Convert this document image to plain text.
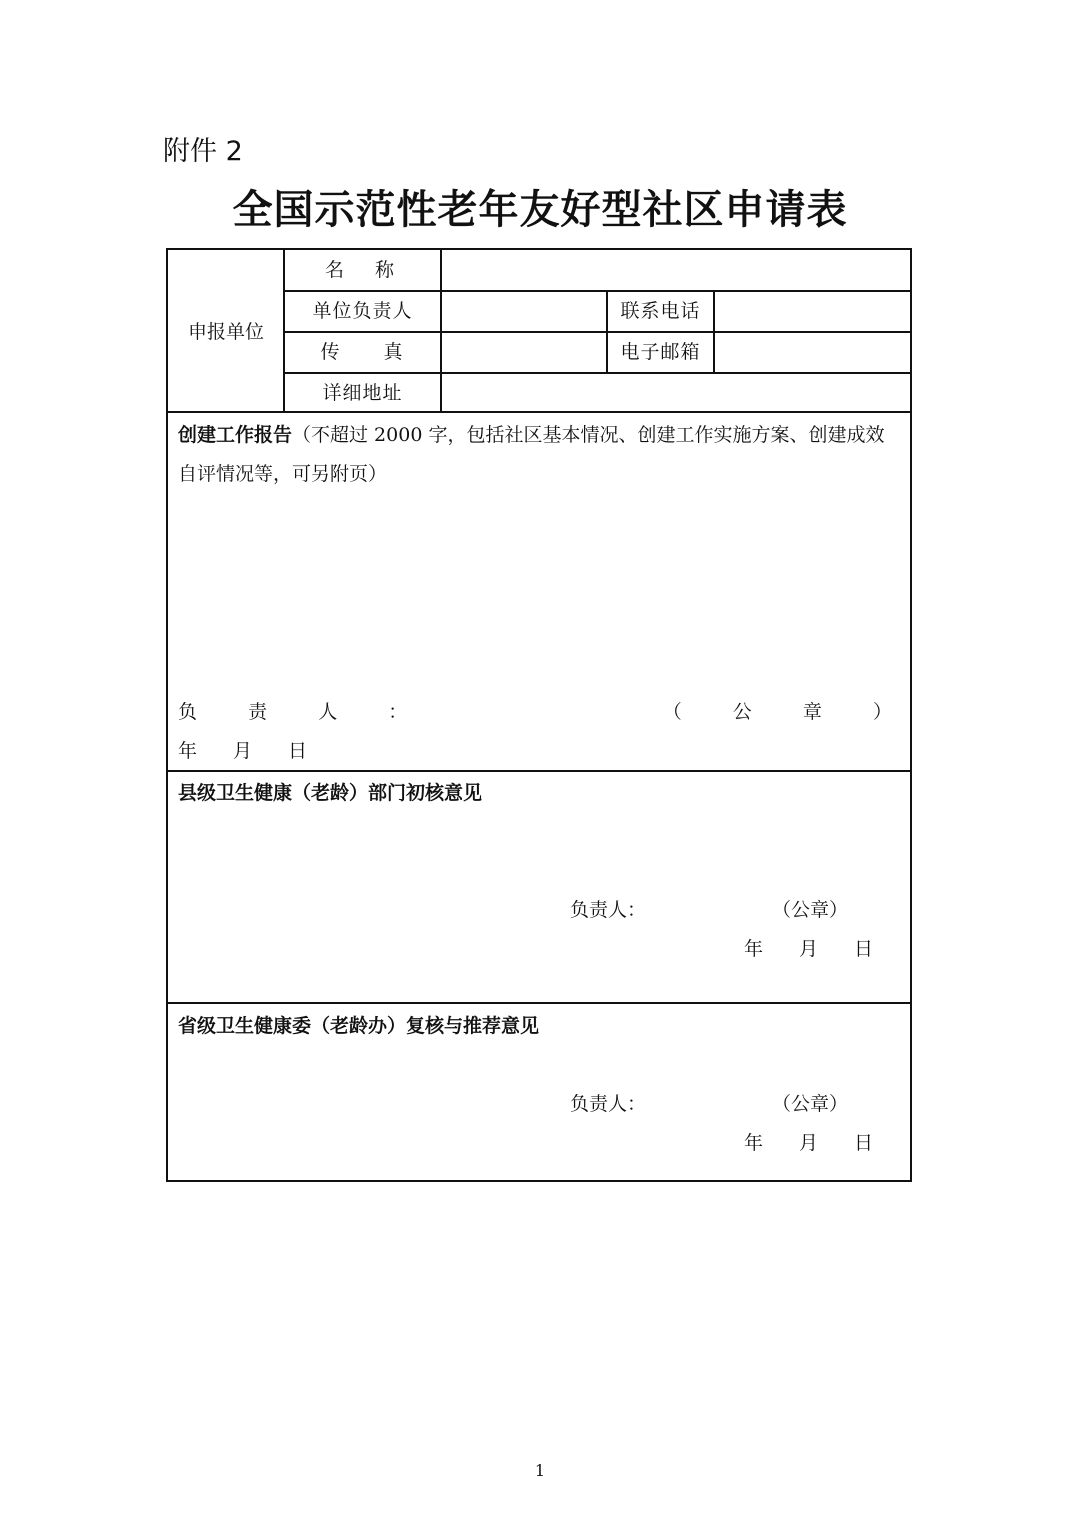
附件 2
全国示范性老年友好型社区申请表
申报单位
名　称
单位负责人	联系电话
传　　真	电子邮箱
详细地址
创建工作报告（不超过 2000 字，包括社区基本情况、创建工作实施方案、创建成效自评情况等，可另附页）
负	责	人	：	（	公	章	）
年 月 日
县级卫生健康（老龄）部门初核意见
负责人：	（公章）
年 月 日
省级卫生健康委（老龄办）复核与推荐意见
负责人：	（公章）
年 月 日
1
